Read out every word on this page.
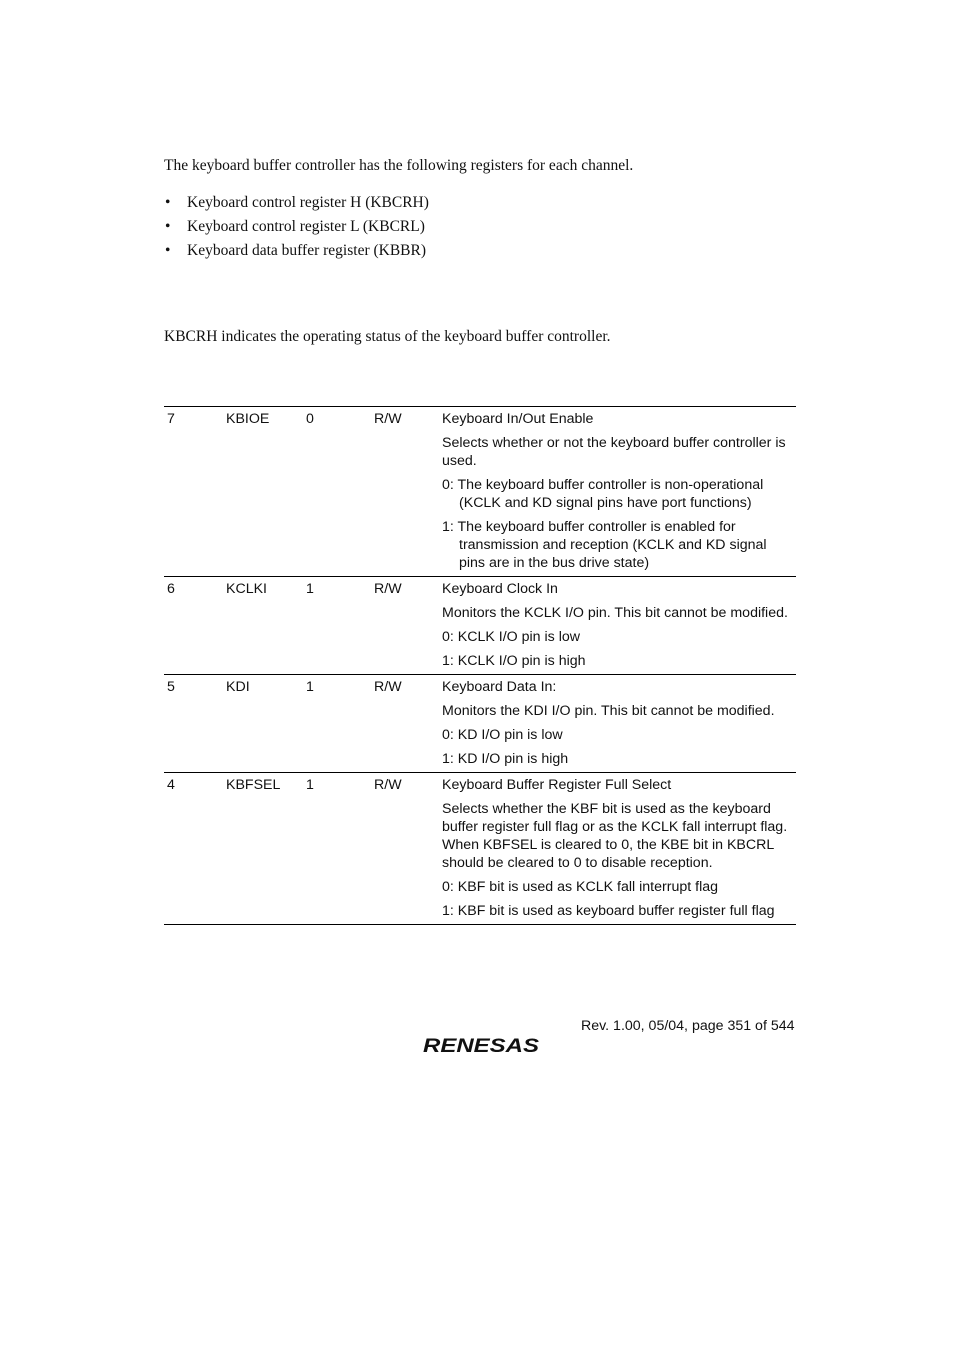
The keyboard buffer controller has the following registers for each channel.

• Keyboard control register H (KBCRH)
• Keyboard control register L (KBCRL)
• Keyboard data buffer register (KBBR)

KBCRH indicates the operating status of the keyboard buffer controller.

7	KBIOE	0	R/W	Keyboard In/Out Enable

Selects whether or not the keyboard buffer controller is used.

0: The keyboard buffer controller is non-operational (KCLK and KD signal pins have port functions)

1: The keyboard buffer controller is enabled for transmission and reception (KCLK and KD signal pins are in the bus drive state)

6	KCLKI	1	R/W	Keyboard Clock In

Monitors the KCLK I/O pin. This bit cannot be modified.

0: KCLK I/O pin is low

1: KCLK I/O pin is high

5	KDI	1	R/W	Keyboard Data In:

Monitors the KDI I/O pin. This bit cannot be modified.

0: KD I/O pin is low

1: KD I/O pin is high

4	KBFSEL	1	R/W	Keyboard Buffer Register Full Select

Selects whether the KBF bit is used as the keyboard buffer register full flag or as the KCLK fall interrupt flag. When KBFSEL is cleared to 0, the KBE bit in KBCRL should be cleared to 0 to disable reception.

0: KBF bit is used as KCLK fall interrupt flag

1: KBF bit is used as keyboard buffer register full flag

Rev. 1.00, 05/04, page 351 of 544
RENESAS
